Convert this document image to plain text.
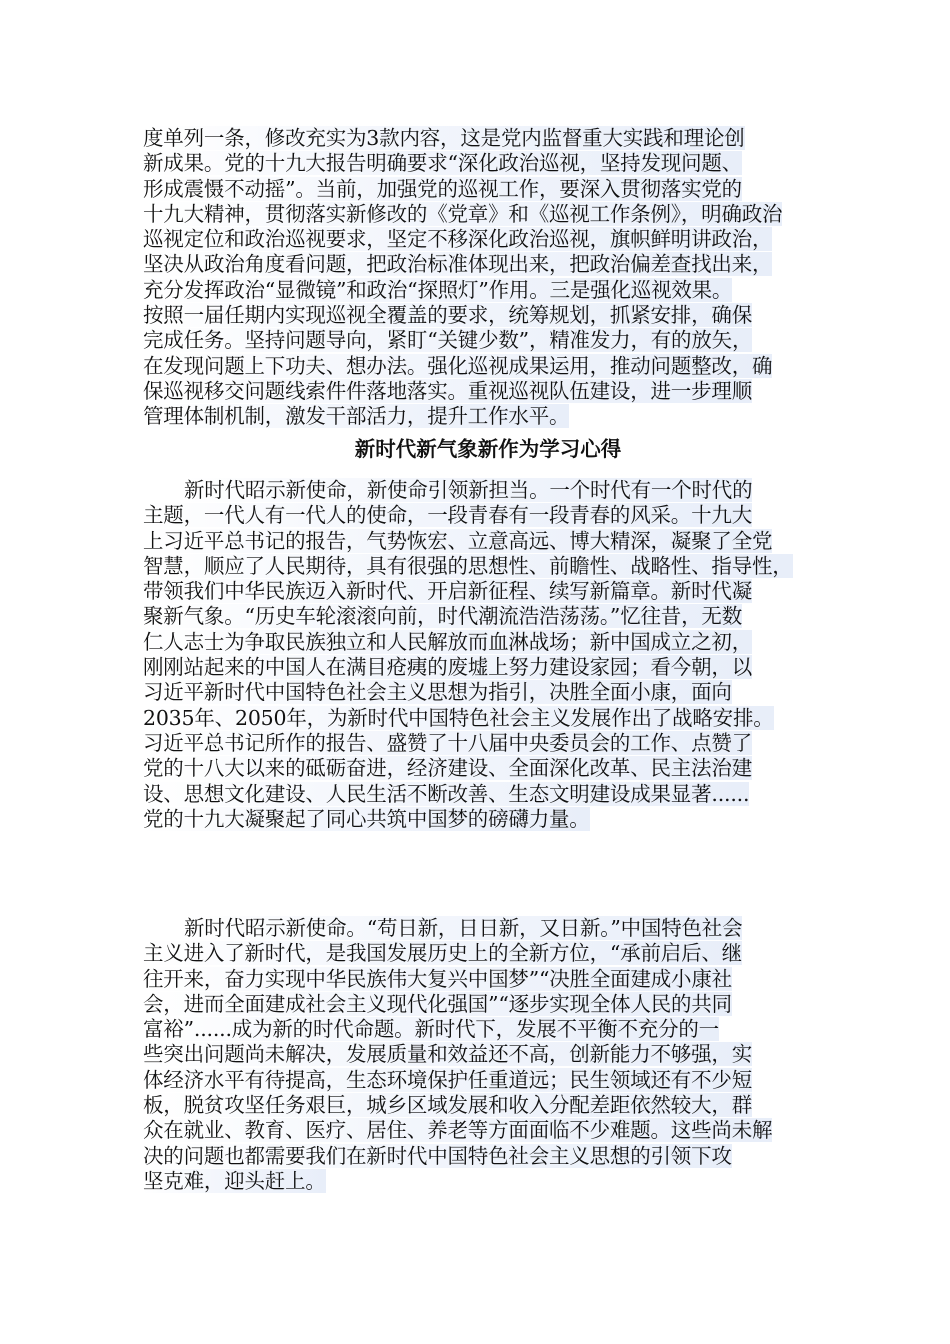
度单列一条，修改充实为3款内容，这是党内监督重大实践和理论创
新成果。党的十九大报告明确要求“深化政治巡视，坚持发现问题、
形成震慑不动摇”。当前，加强党的巡视工作，要深入贯彻落实党的
十九大精神，贯彻落实新修改的《党章》和《巡视工作条例》，明确政治
巡视定位和政治巡视要求，坚定不移深化政治巡视，旗帜鲜明讲政治，
坚决从政治角度看问题，把政治标准体现出来，把政治偏差查找出来，
充分发挥政治“显微镜”和政治“探照灯”作用。三是强化巡视效果。
按照一届任期内实现巡视全覆盖的要求，统筹规划，抓紧安排，确保
完成任务。坚持问题导向，紧盯“关键少数”，精准发力，有的放矢，
在发现问题上下功夫、想办法。强化巡视成果运用，推动问题整改，确
保巡视移交问题线索件件落地落实。重视巡视队伍建设，进一步理顺
管理体制机制，激发干部活力，提升工作水平。
新时代新气象新作为学习心得
新时代昭示新使命，新使命引领新担当。一个时代有一个时代的
主题，一代人有一代人的使命，一段青春有一段青春的风采。十九大
上习近平总书记的报告，气势恢宏、立意高远、博大精深，凝聚了全党
智慧，顺应了人民期待，具有很强的思想性、前瞻性、战略性、指导性，
带领我们中华民族迈入新时代、开启新征程、续写新篇章。新时代凝
聚新气象。“历史车轮滚滚向前，时代潮流浩浩荡荡。”忆往昔，无数
仁人志士为争取民族独立和人民解放而血淋战场；新中国成立之初，
刚刚站起来的中国人在满目疮痍的废墟上努力建设家园；看今朝，以
习近平新时代中国特色社会主义思想为指引，决胜全面小康，面向
2035年、2050年，为新时代中国特色社会主义发展作出了战略安排。
习近平总书记所作的报告、盛赞了十八届中央委员会的工作、点赞了
党的十八大以来的砥砺奋进，经济建设、全面深化改革、民主法治建
设、思想文化建设、人民生活不断改善、生态文明建设成果显著......
党的十九大凝聚起了同心共筑中国梦的磅礴力量。
新时代昭示新使命。“苟日新，日日新，又日新。”中国特色社会
主义进入了新时代，是我国发展历史上的全新方位，“承前启后、继
往开来，奋力实现中华民族伟大复兴中国梦”“决胜全面建成小康社
会，进而全面建成社会主义现代化强国”“逐步实现全体人民的共同
富裕”......成为新的时代命题。新时代下，发展不平衡不充分的一
些突出问题尚未解决，发展质量和效益还不高，创新能力不够强，实
体经济水平有待提高，生态环境保护任重道远；民生领域还有不少短
板，脱贫攻坚任务艰巨，城乡区域发展和收入分配差距依然较大，群
众在就业、教育、医疗、居住、养老等方面面临不少难题。这些尚未解
决的问题也都需要我们在新时代中国特色社会主义思想的引领下攻
坚克难，迎头赶上。
